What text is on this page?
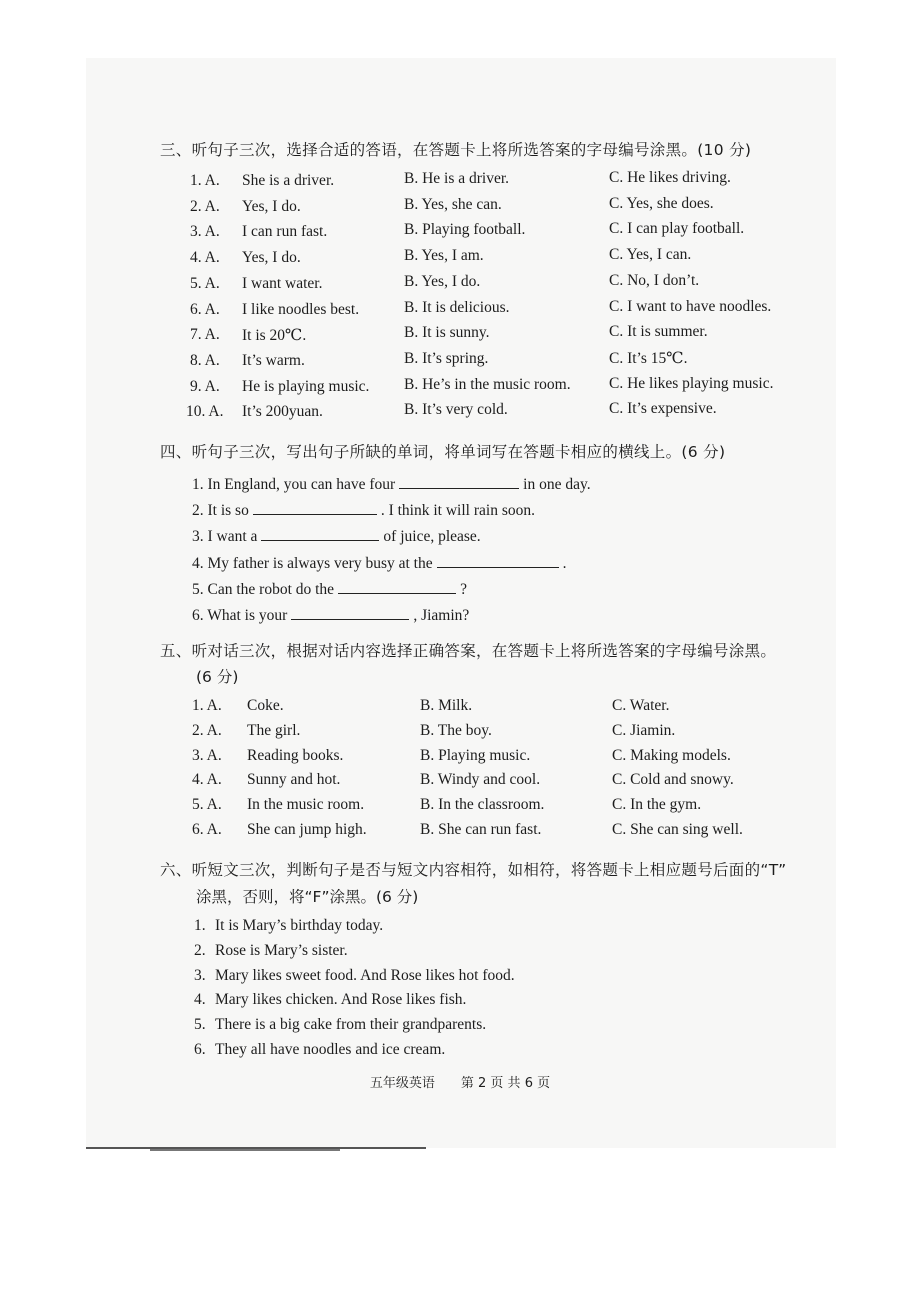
三、听句子三次，选择合适的答语，在答题卡上将所选答案的字母编号涂黑。(10 分)
1. A. She is a driver.	B. He is a driver.	C. He likes driving.
2. A. Yes, I do.	B. Yes, she can.	C. Yes, she does.
3. A. I can run fast.	B. Playing football.	C. I can play football.
4. A. Yes, I do.	B. Yes, I am.	C. Yes, I can.
5. A. I want water.	B. Yes, I do.	C. No, I don’t.
6. A. I like noodles best.	B. It is delicious.	C. I want to have noodles.
7. A. It is 20℃.	B. It is sunny.	C. It is summer.
8. A. It’s warm.	B. It’s spring.	C. It’s 15℃.
9. A. He is playing music. B. He’s in the music room. C. He likes playing music.
10. A. It’s 200yuan.	B. It’s very cold.	C. It’s expensive.
四、听句子三次，写出句子所缺的单词，将单词写在答题卡相应的横线上。(6 分)
1. In England, you can have four	in one day.
2. It is so	. I think it will rain soon.
3. I want a	of juice, please.
4. My father is always very busy at the	.
5. Can the robot do the	?
6. What is your	, Jiamin?
五、听对话三次，根据对话内容选择正确答案，在答题卡上将所选答案的字母编号涂黑。
(6 分)
1. A. Coke.	B. Milk.	C. Water.
2. A. The girl.	B. The boy.	C. Jiamin.
3. A. Reading books.	B. Playing music.	C. Making models.
4. A. Sunny and hot.	B. Windy and cool.	C. Cold and snowy.
5. A. In the music room.	B. In the classroom.	C. In the gym.
6. A. She can jump high.	B. She can run fast.	C. She can sing well.
六、听短文三次，判断句子是否与短文内容相符，如相符，将答题卡上相应题号后面的“T”
涂黑，否则，将“F”涂黑。(6 分)
1. It is Mary’s birthday today.
2. Rose is Mary’s sister.
3. Mary likes sweet food. And Rose likes hot food.
4. Mary likes chicken. And Rose likes fish.
5. There is a big cake from their grandparents.
6. They all have noodles and ice cream.
五年级英语　　第 2 页 共 6 页
